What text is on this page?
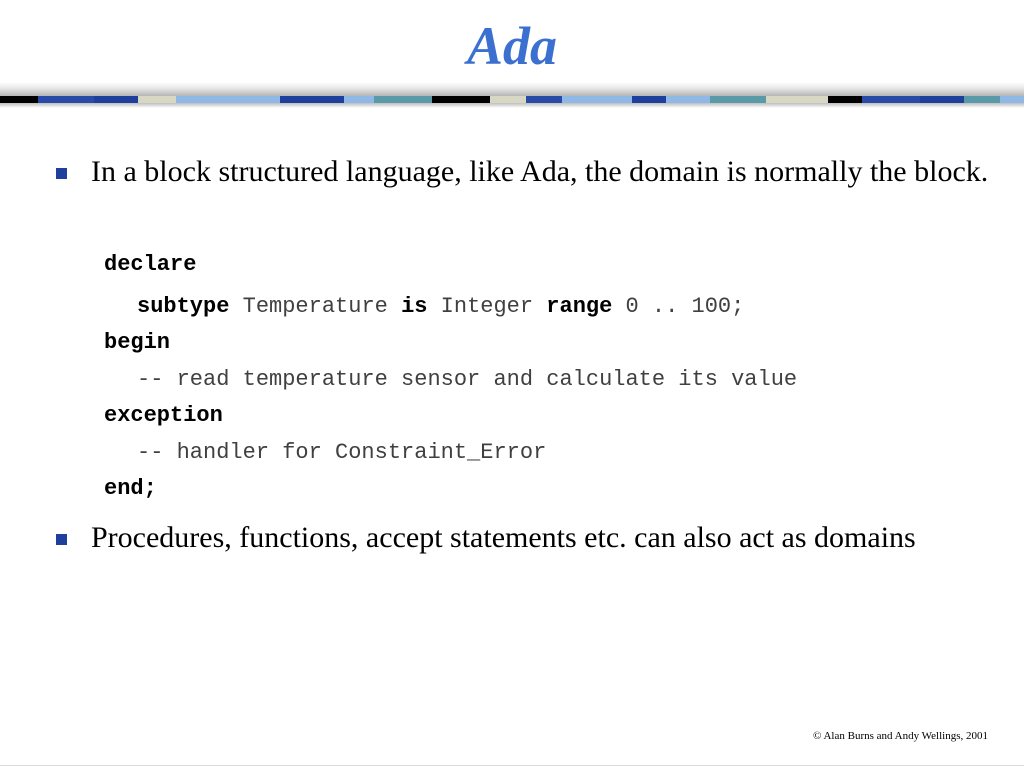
Ada
In a block structured language, like Ada, the domain is normally the block.
declare
subtype Temperature is Integer range 0 .. 100;
begin
-- read temperature sensor and calculate its value
exception
-- handler for Constraint_Error
end;
Procedures, functions, accept statements etc. can also act as domains
© Alan Burns and Andy Wellings, 2001
